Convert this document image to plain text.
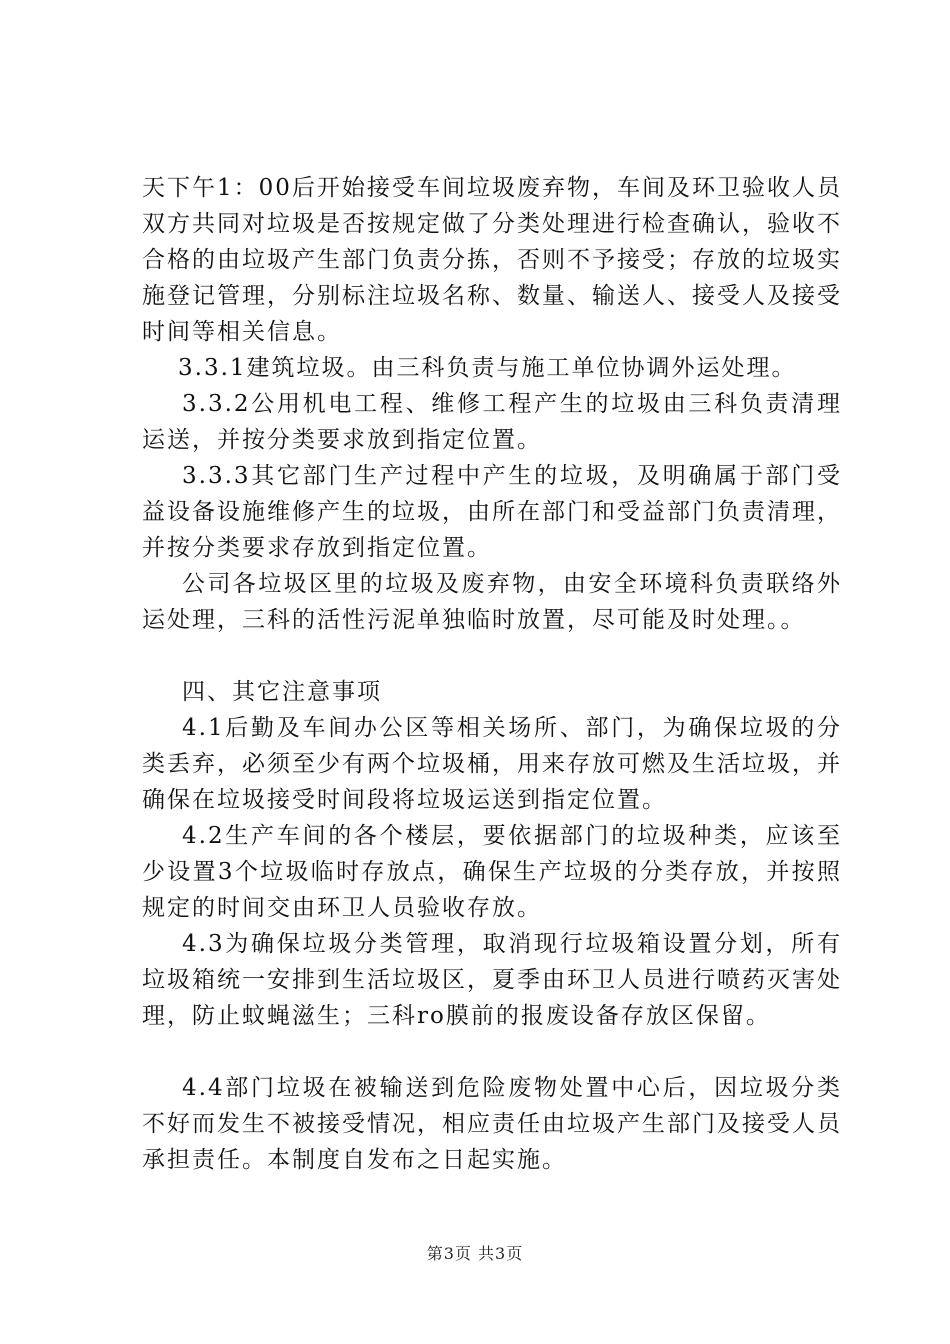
天下午1：00后开始接受车间垃圾废弃物，车间及环卫验收人员双方共同对垃圾是否按规定做了分类处理进行检查确认，验收不合格的由垃圾产生部门负责分拣，否则不予接受；存放的垃圾实施登记管理，分别标注垃圾名称、数量、输送人、接受人及接受时间等相关信息。

3.3.1建筑垃圾。由三科负责与施工单位协调外运处理。

3.3.2公用机电工程、维修工程产生的垃圾由三科负责清理运送，并按分类要求放到指定位置。

3.3.3其它部门生产过程中产生的垃圾，及明确属于部门受益设备设施维修产生的垃圾，由所在部门和受益部门负责清理，并按分类要求存放到指定位置。

公司各垃圾区里的垃圾及废弃物，由安全环境科负责联络外运处理，三科的活性污泥单独临时放置，尽可能及时处理。。

四、其它注意事项

4.1后勤及车间办公区等相关场所、部门，为确保垃圾的分类丢弃，必须至少有两个垃圾桶，用来存放可燃及生活垃圾，并确保在垃圾接受时间段将垃圾运送到指定位置。

4.2生产车间的各个楼层，要依据部门的垃圾种类，应该至少设置3个垃圾临时存放点，确保生产垃圾的分类存放，并按照规定的时间交由环卫人员验收存放。

4.3为确保垃圾分类管理，取消现行垃圾箱设置分划，所有垃圾箱统一安排到生活垃圾区，夏季由环卫人员进行喷药灭害处理，防止蚊蝇滋生；三科ro膜前的报废设备存放区保留。

4.4部门垃圾在被输送到危险废物处置中心后，因垃圾分类不好而发生不被接受情况，相应责任由垃圾产生部门及接受人员承担责任。本制度自发布之日起实施。

第3页 共3页
